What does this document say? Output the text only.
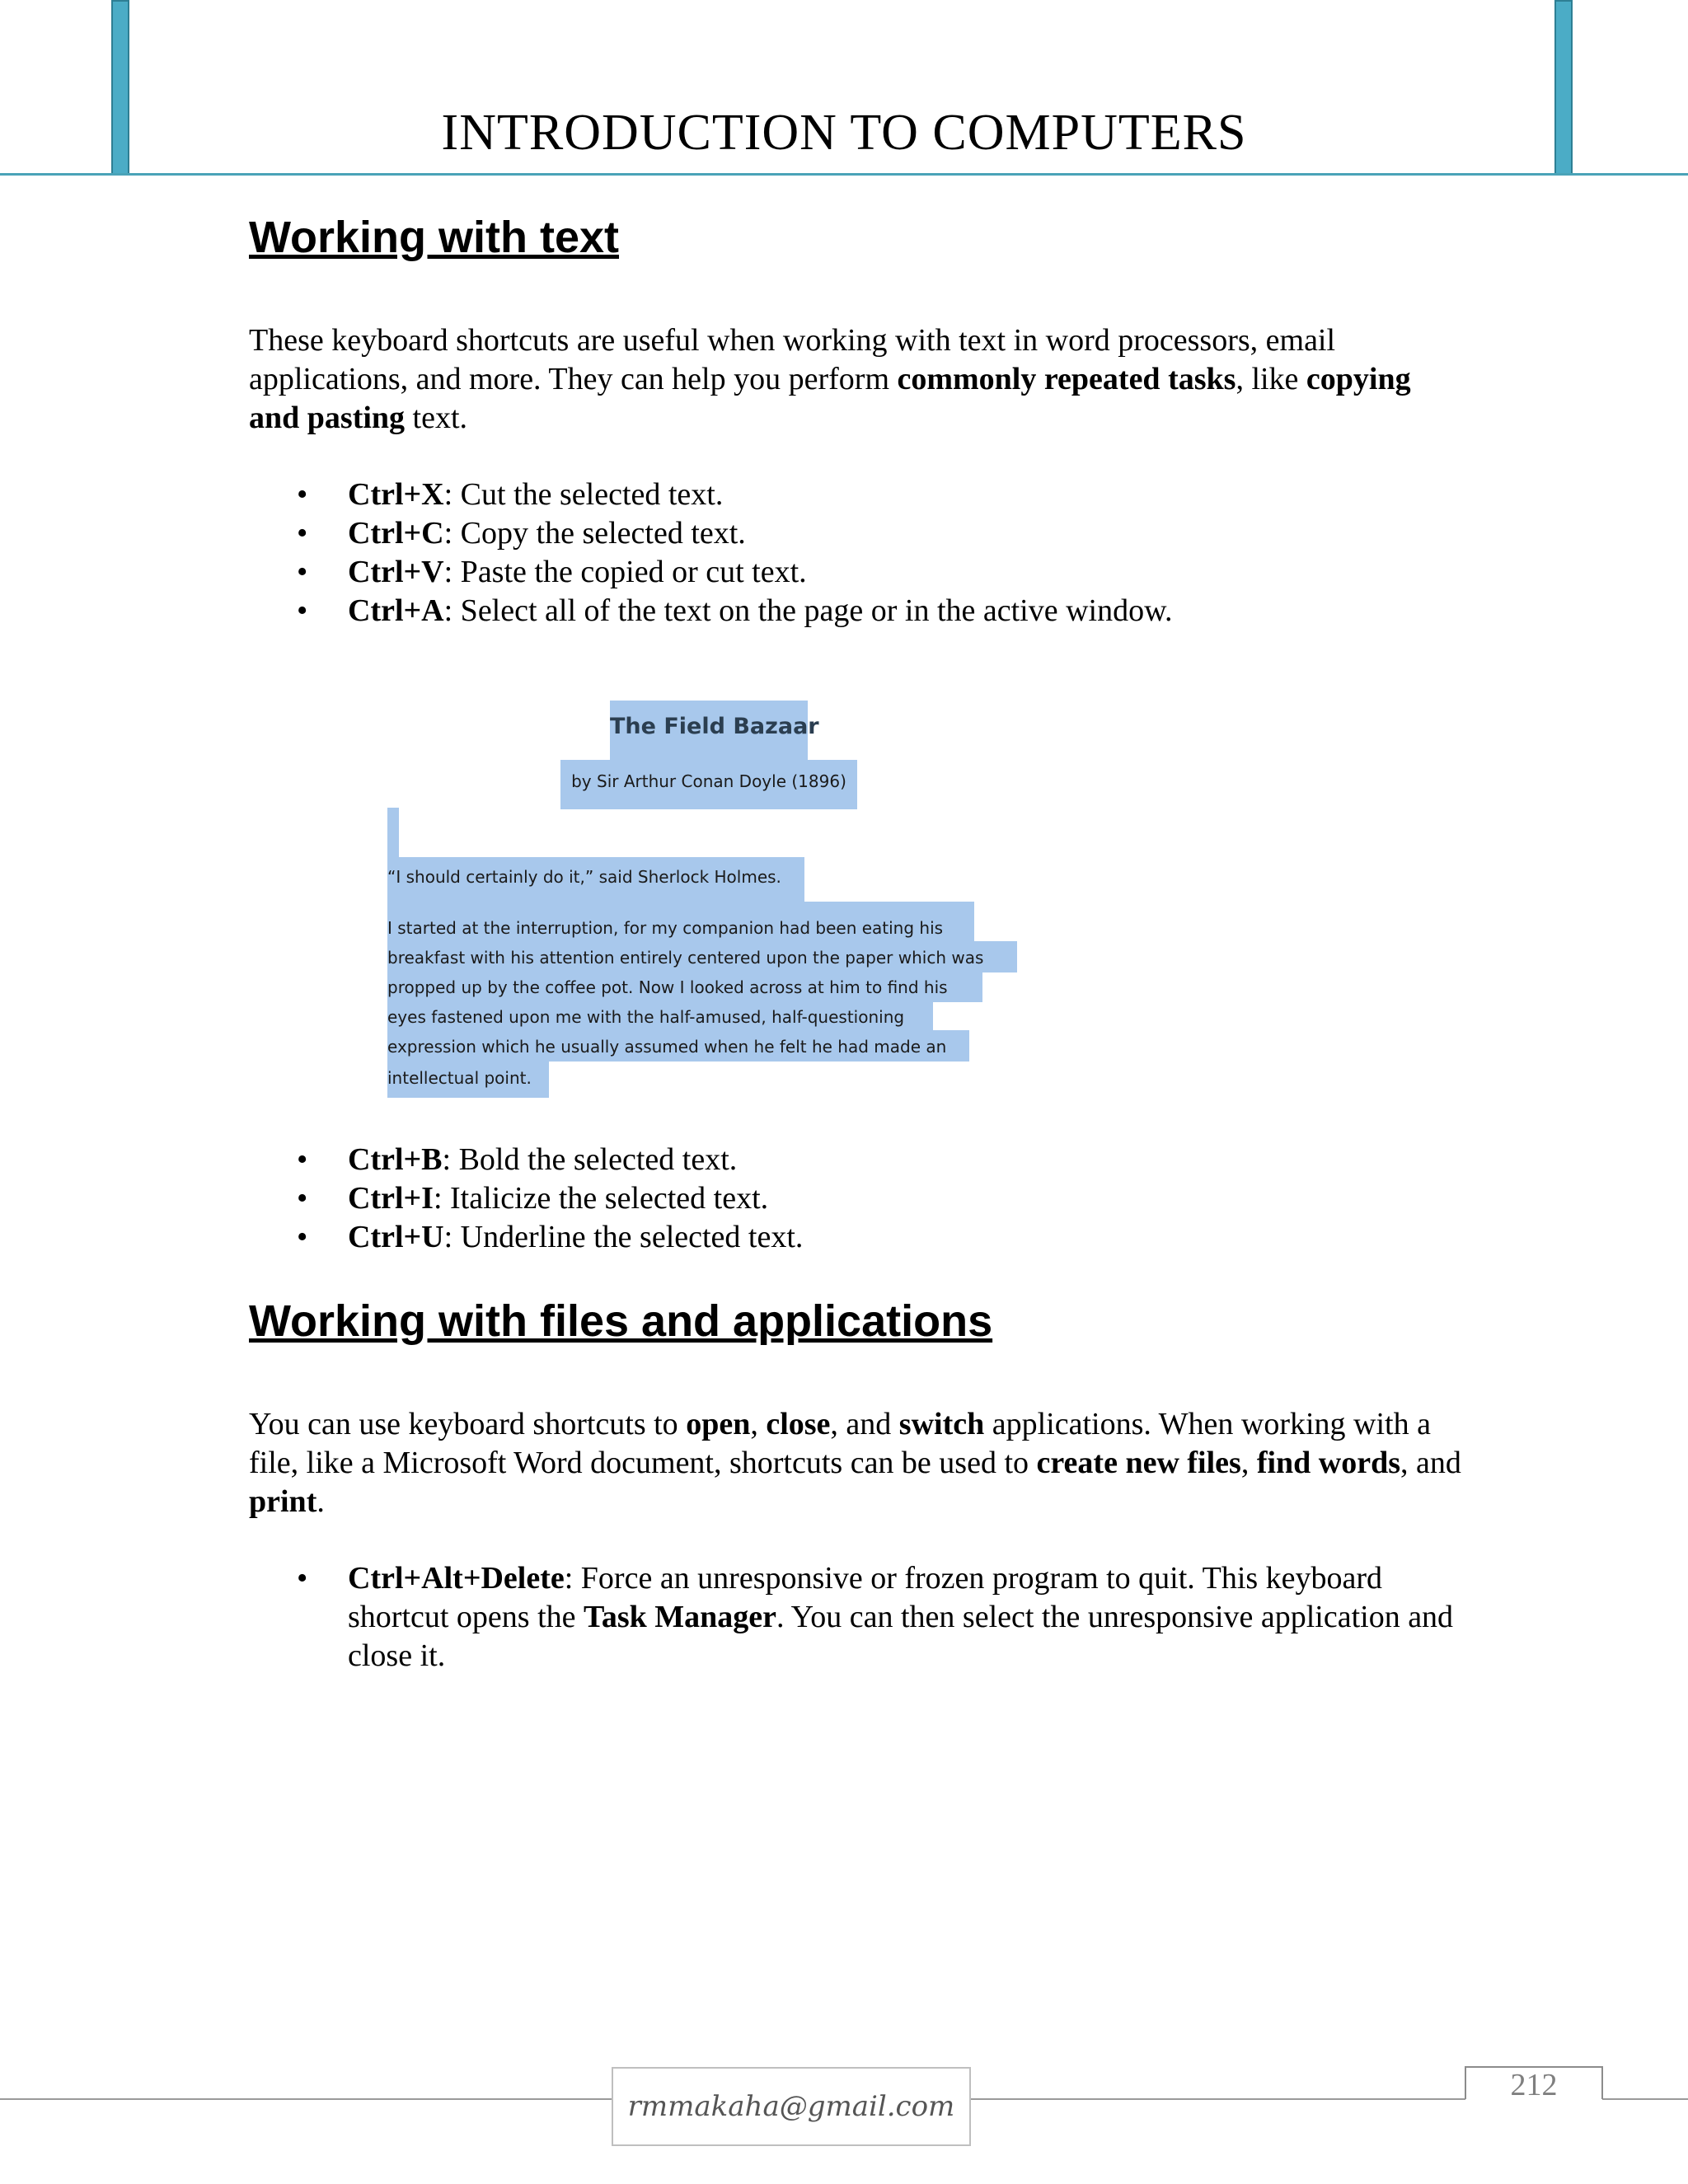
INTRODUCTION TO COMPUTERS
Working with text

These keyboard shortcuts are useful when working with text in word processors, email applications, and more. They can help you perform commonly repeated tasks, like copying and pasting text.

• Ctrl+X: Cut the selected text.
• Ctrl+C: Copy the selected text.
• Ctrl+V: Paste the copied or cut text.
• Ctrl+A: Select all of the text on the page or in the active window.
The Field Bazaar
by Sir Arthur Conan Doyle (1896)
“I should certainly do it,” said Sherlock Holmes.
I started at the interruption, for my companion had been eating his
breakfast with his attention entirely centered upon the paper which was
propped up by the coffee pot. Now I looked across at him to find his
eyes fastened upon me with the half-amused, half-questioning
expression which he usually assumed when he felt he had made an
intellectual point.
• Ctrl+B: Bold the selected text.
• Ctrl+I: Italicize the selected text.
• Ctrl+U: Underline the selected text.
Working with files and applications

You can use keyboard shortcuts to open, close, and switch applications. When working with a file, like a Microsoft Word document, shortcuts can be used to create new files, find words, and print.

• Ctrl+Alt+Delete: Force an unresponsive or frozen program to quit. This keyboard shortcut opens the Task Manager. You can then select the unresponsive application and close it.
rmmakaha@gmail.com
212
